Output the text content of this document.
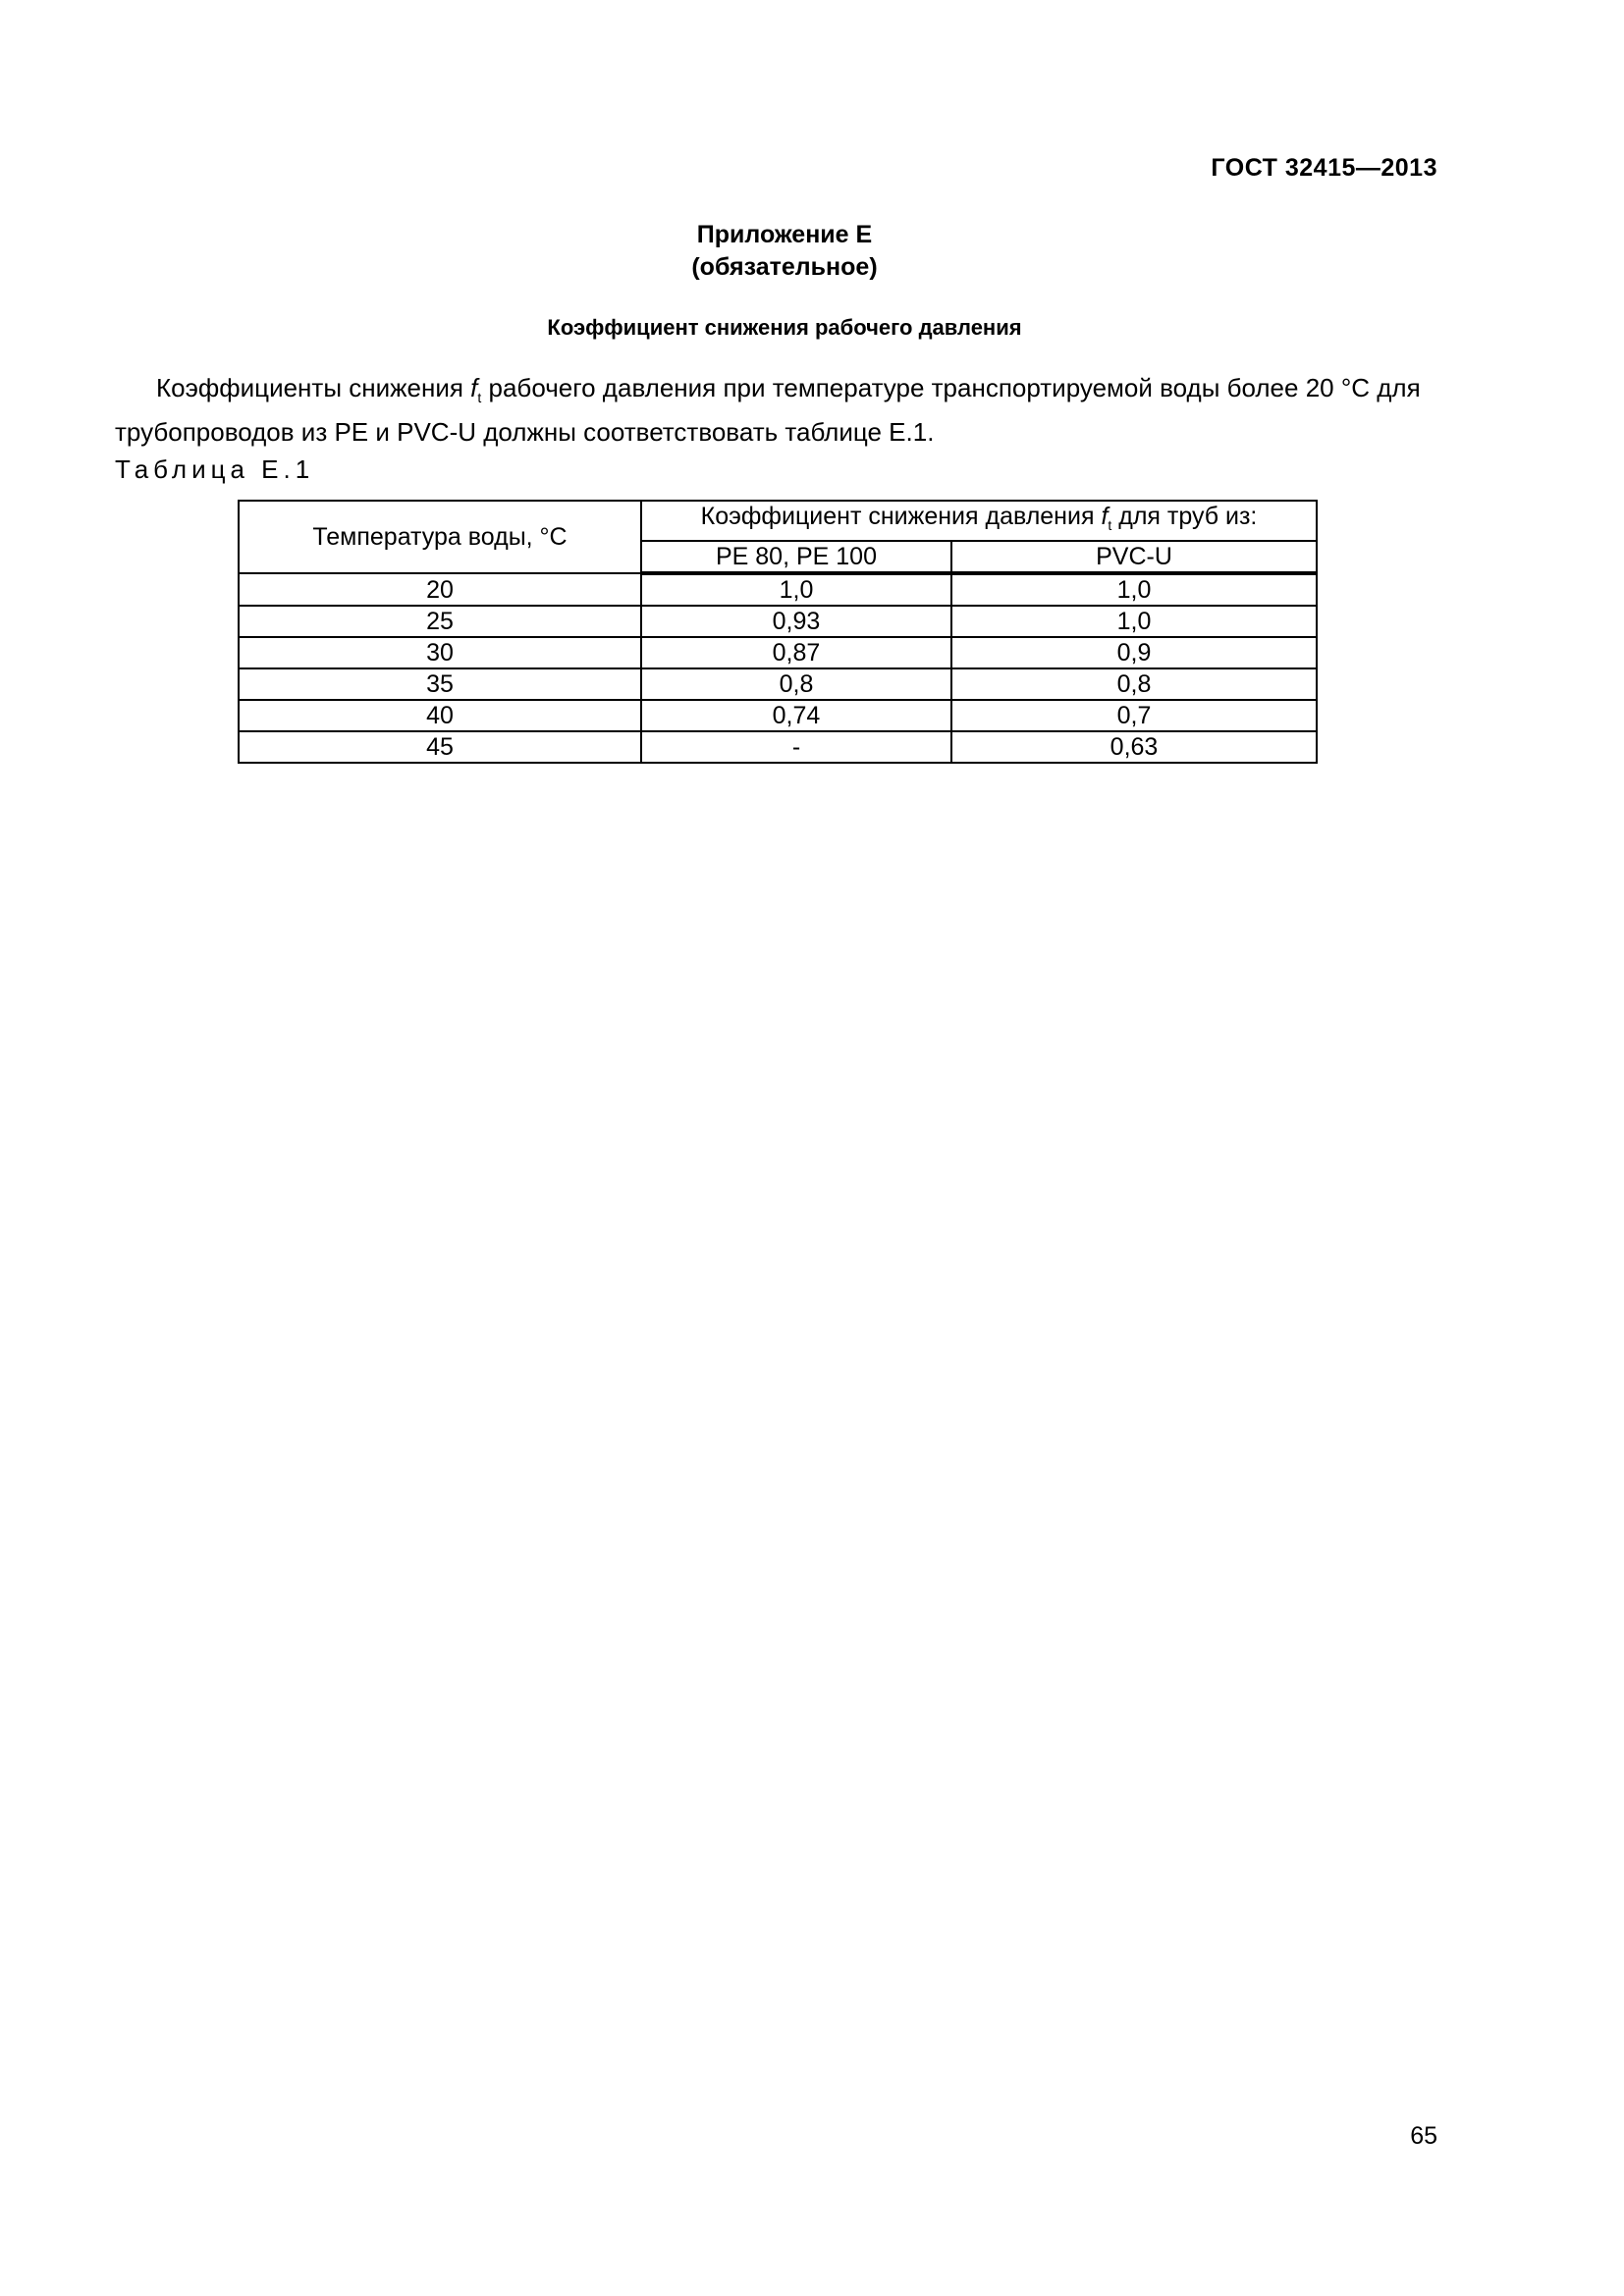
ГОСТ 32415—2013
Приложение Е
(обязательное)
Коэффициент снижения рабочего давления
Коэффициенты снижения $f_t$ рабочего давления при температуре транспортируемой воды более 20 °C для трубопроводов из PE и PVC-U должны соответствовать таблице Е.1.
Таблица Е.1
Температура воды, °C	Коэффициент снижения давления $f_t$ для труб из:	
	PE 80, PE 100	PVC-U
20	1,0	1,0
25	0,93	1,0
30	0,87	0,9
35	0,8	0,8
40	0,74	0,7
45	-	0,63
65
